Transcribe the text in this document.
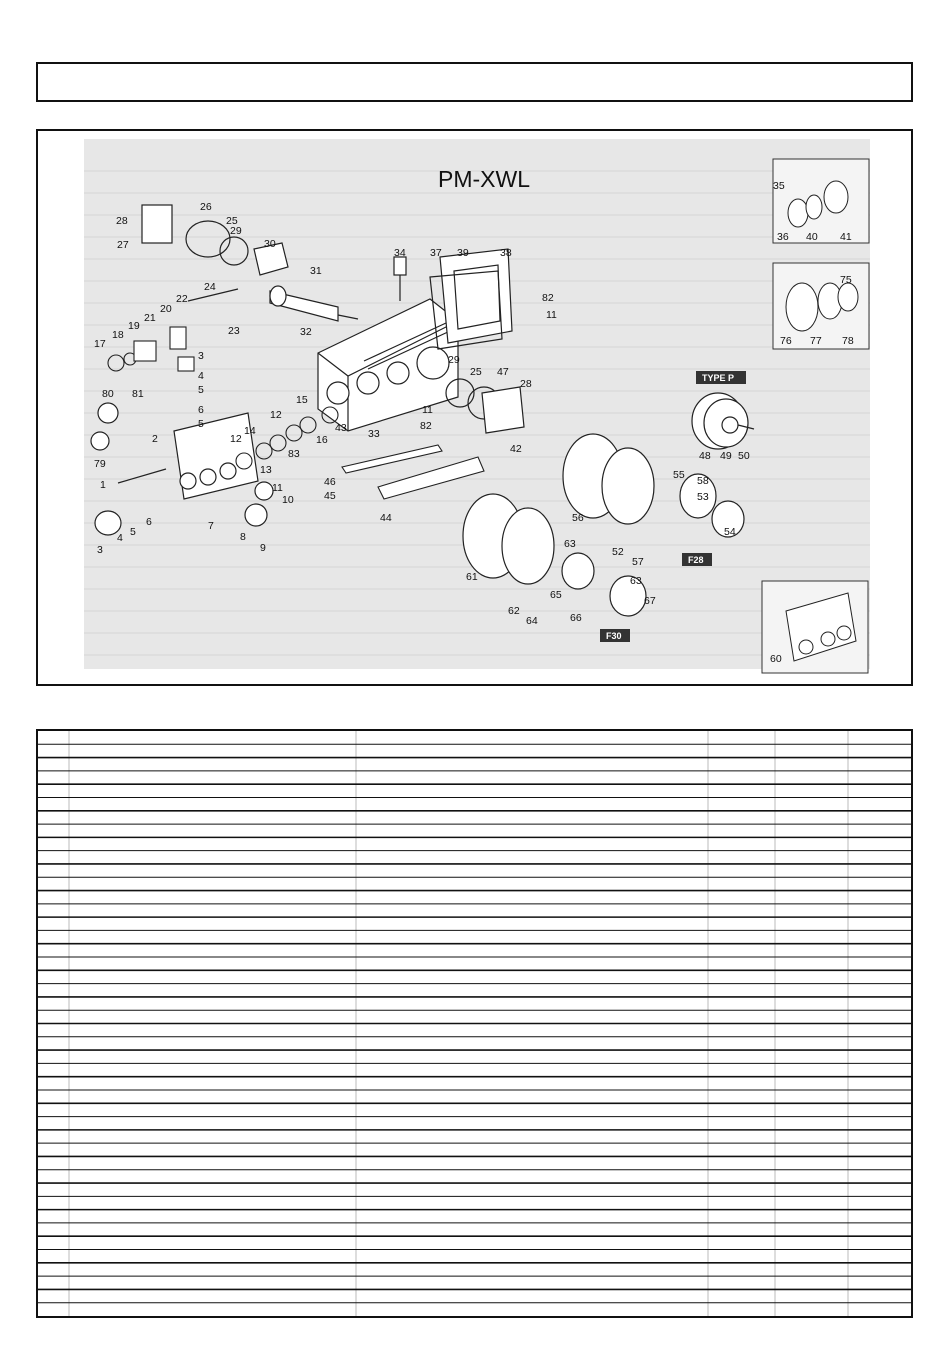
PM-XWL
TYPE P
F28
F30
1
2
3
3
4
4
5
5
5
6
6	7
8
9
10
11
11
11
12
12
13
14
15
16
17
18
19
20
21
22
23
24
25
25
26
27
28
28
29
29
30
31
32
33
34
35
36
37	38
39
40 41
42
43
44
45
46
47
48 49 50
52
53
54
55
56
57
58
60
61
62
63
63
64
65
66
67
75
76 77 78
79
80 81
82
82
83
